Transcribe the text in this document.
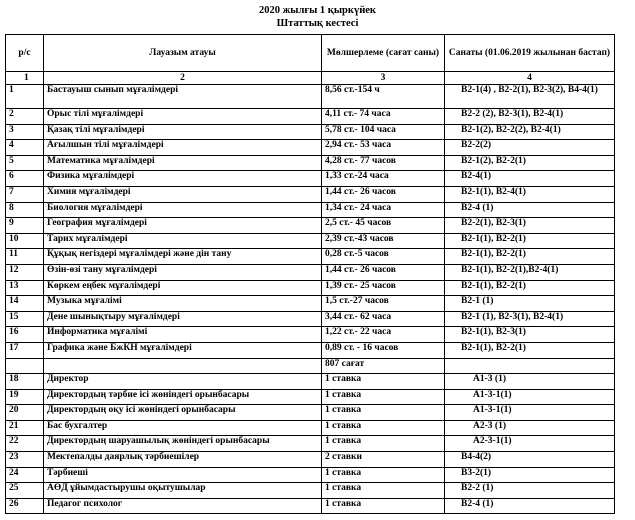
2020 жылғы 1 қыркүйек
Штаттық кестесі
р/с	Лауазым атауы	Мөлшерлеме (сағат саны)	Санаты (01.06.2019 жылынан бастап)
1	2	3	4
1	Бастауыш сынып мұғалімдері	8,56 ст.-154 ч	В2-1(4) , В2-2(1), В2-3(2), В4-4(1)
2	Орыс тілі мұғалімдері	4,11 ст.- 74 часа	В2-2 (2), В2-3(1), В2-4(1)
3	Қазақ тілі мұғалімдері	5,78 ст.- 104 часа	В2-1(2), В2-2(2), В2-4(1)
4	Ағылшын тілі мұғалімдері	2,94 ст.- 53 часа	В2-2(2)
5	Математика мұғалімдері	4,28 ст.- 77 часов	В2-1(2), В2-2(1)
6	Физика мұғалімдері	1,33 ст.-24 часа	В2-4(1)
7	Химия мұғалімдері	1,44 ст.- 26 часов	В2-1(1), В2-4(1)
8	Биология мұғалімдері	1,34 ст.- 24 часа	В2-4 (1)
9	География мұғалімдері	2,5 ст.- 45 часов	В2-2(1), В2-3(1)
10	Тарих мұғалімдері	2,39 ст.-43 часов	В2-1(1), В2-2(1)
11	Құқық негіздері мұғалімдері және дін тану	0,28 ст.-5 часов	В2-1(1), В2-2(1)
12	Өзін-өзі тану мұғалімдері	1,44 ст.- 26 часов	В2-1(1), В2-2(1),В2-4(1)
13	Көркем еңбек мұғалімдері	1,39 ст.- 25 часов	В2-1(1), В2-2(1)
14	Музыка мұғалімі	1,5 ст.-27 часов	В2-1 (1)
15	Дене шынықтыру мұғалімдері	3,44 ст.- 62 часа	В2-1 (1), В2-3(1), В2-4(1)
16	Информатика мұғалімі	1,22 ст.- 22 часа	В2-1(1), В2-3(1)
17	Графика және БжКН мұғалімдері	0,89 ст. - 16 часов	В2-1(1), В2-2(1)
		807 сағат	
18	Директор	1 ставка	А1-3 (1)
19	Директордың тәрбие ісі жөніндегі орынбасары	1 ставка	А1-3-1(1)
20	Директордың оқу ісі жөніндегі орынбасары	1 ставка	А1-3-1(1)
21	Бас бухгалтер	1 ставка	А2-3 (1)
22	Директордың шаруашылық жөніндегі орынбасары	1 ставка	А2-3-1(1)
23	Мектепалды даярлық тәрбиешілер	2 ставки	В4-4(2)
24	Тәрбиеші	1 ставка	В3-2(1)
25	АӨД ұйымдастырушы оқытушылар	1 ставка	В2-2 (1)
26	Педагог психолог	1 ставка	В2-4 (1)
